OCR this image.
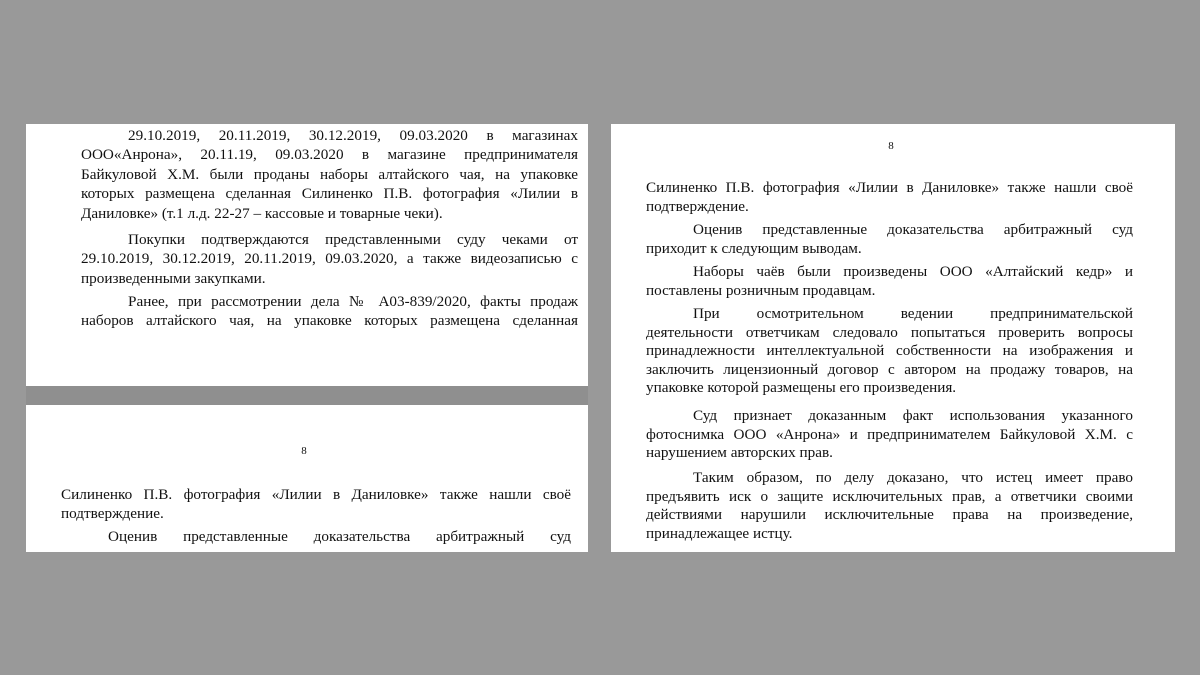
29.10.2019, 20.11.2019, 30.12.2019, 09.03.2020 в магазинах
ООО«Анрона», 20.11.19, 09.03.2020 в магазине предпринимателя
Байкуловой Х.М. были проданы наборы алтайского чая, на упаковке
которых размещена сделанная Силиненко П.В. фотография «Лилии в
Даниловке» (т.1 л.д. 22-27 – кассовые и товарные чеки).
Покупки подтверждаются представленными суду чеками от
29.10.2019, 30.12.2019, 20.11.2019, 09.03.2020, а также видеозаписью с
произведенными закупками.
Ранее, при рассмотрении дела № А03-839/2020, факты продаж
наборов алтайского чая, на упаковке которых размещена сделанная
8
Силиненко П.В. фотография «Лилии в Даниловке» также нашли своё
подтверждение.
Оценив представленные доказательства арбитражный суд
8
Силиненко П.В. фотография «Лилии в Даниловке» также нашли своё
подтверждение.
Оценив представленные доказательства арбитражный суд
приходит к следующим выводам.
Наборы чаёв были произведены ООО «Алтайский кедр» и
поставлены розничным продавцам.
При осмотрительном ведении предпринимательской
деятельности ответчикам следовало попытаться проверить вопросы
принадлежности интеллектуальной собственности на изображения и
заключить лицензионный договор с автором на продажу товаров, на
упаковке которой размещены его произведения.
Суд признает доказанным факт использования указанного
фотоснимка ООО «Анрона» и предпринимателем Байкуловой Х.М. с
нарушением авторских прав.
Таким образом, по делу доказано, что истец имеет право
предъявить иск о защите исключительных прав, а ответчики своими
действиями нарушили исключительные права на произведение,
принадлежащее истцу.
